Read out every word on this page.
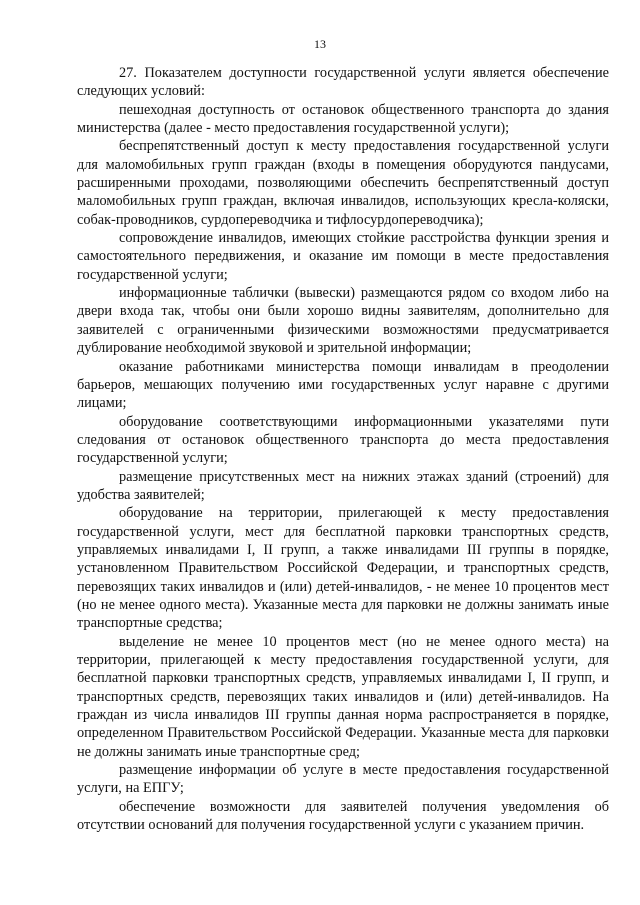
13

27. Показателем доступности государственной услуги является обеспечение следующих условий:

пешеходная доступность от остановок общественного транспорта до здания министерства (далее - место предоставления государственной услуги);

беспрепятственный доступ к месту предоставления государственной услуги для маломобильных групп граждан (входы в помещения оборудуются пандусами, расширенными проходами, позволяющими обеспечить беспрепятственный доступ маломобильных групп граждан, включая инвалидов, использующих кресла-коляски, собак-проводников, сурдопереводчика и тифлосурдопереводчика);

сопровождение инвалидов, имеющих стойкие расстройства функции зрения и самостоятельного передвижения, и оказание им помощи в месте предоставления государственной услуги;

информационные таблички (вывески) размещаются рядом со входом либо на двери входа так, чтобы они были хорошо видны заявителям, дополнительно для заявителей с ограниченными физическими возможностями предусматривается дублирование необходимой звуковой и зрительной информации;

оказание работниками министерства помощи инвалидам в преодолении барьеров, мешающих получению ими государственных услуг наравне с другими лицами;

оборудование соответствующими информационными указателями пути следования от остановок общественного транспорта до места предоставления государственной услуги;

размещение присутственных мест на нижних этажах зданий (строений) для удобства заявителей;

оборудование на территории, прилегающей к месту предоставления государственной услуги, мест для бесплатной парковки транспортных средств, управляемых инвалидами I, II групп, а также инвалидами III группы в порядке, установленном Правительством Российской Федерации, и транспортных средств, перевозящих таких инвалидов и (или) детей-инвалидов, - не менее 10 процентов мест (но не менее одного места). Указанные места для парковки не должны занимать иные транспортные средства;

выделение не менее 10 процентов мест (но не менее одного места) на территории, прилегающей к месту предоставления государственной услуги, для бесплатной парковки транспортных средств, управляемых инвалидами I, II групп, и транспортных средств, перевозящих таких инвалидов и (или) детей-инвалидов. На граждан из числа инвалидов III группы данная норма распространяется в порядке, определенном Правительством Российской Федерации. Указанные места для парковки не должны занимать иные транспортные сред;

размещение информации об услуге в месте предоставления государственной услуги, на ЕПГУ;

обеспечение возможности для заявителей получения уведомления об отсутствии оснований для получения государственной услуги с указанием причин.
